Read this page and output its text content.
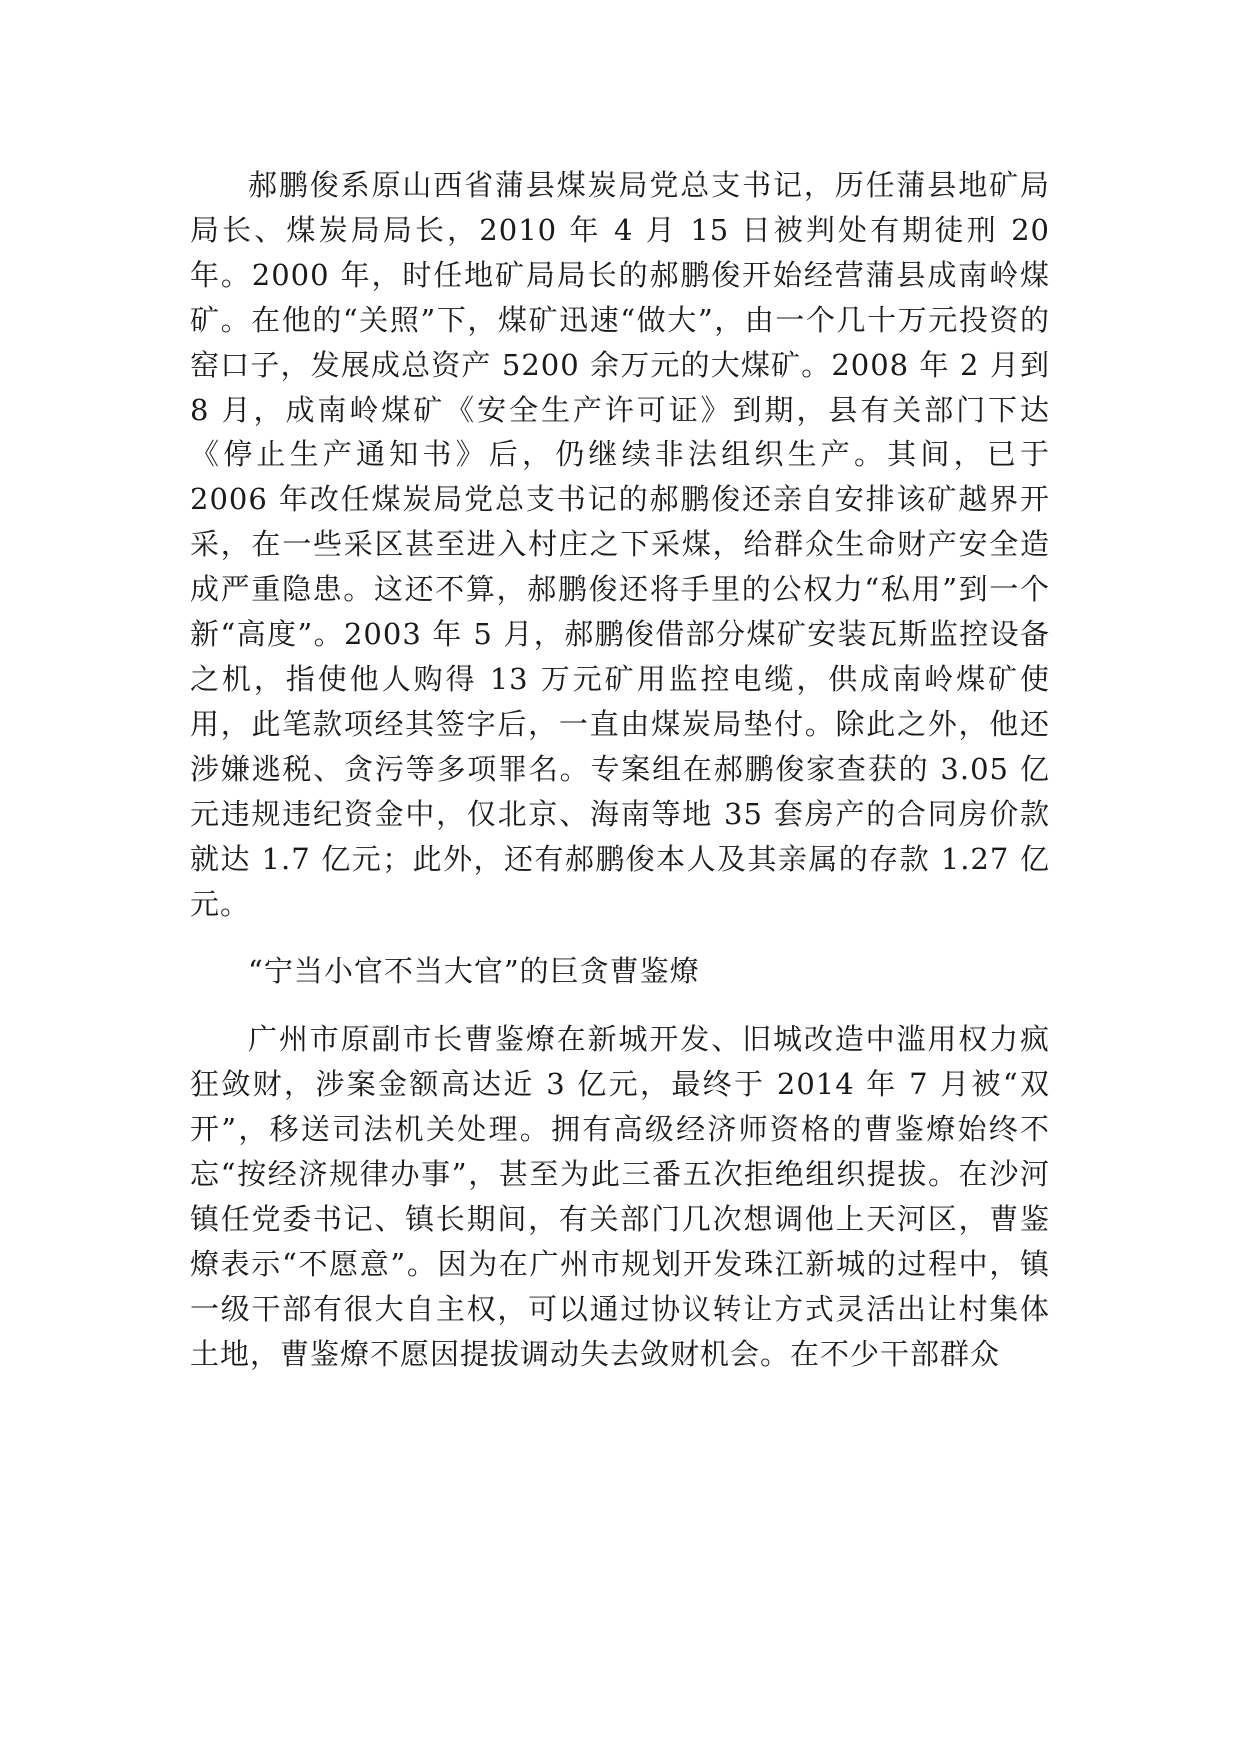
郝鹏俊系原山西省蒲县煤炭局党总支书记，历任蒲县地矿局局长、煤炭局局长，2010 年 4 月 15 日被判处有期徒刑 20 年。2000 年，时任地矿局局长的郝鹏俊开始经营蒲县成南岭煤矿。在他的“关照”下，煤矿迅速“做大”，由一个几十万元投资的窑口子，发展成总资产 5200 余万元的大煤矿。2008 年 2 月到 8 月，成南岭煤矿《安全生产许可证》到期，县有关部门下达《停止生产通知书》后，仍继续非法组织生产。其间，已于 2006 年改任煤炭局党总支书记的郝鹏俊还亲自安排该矿越界开采，在一些采区甚至进入村庄之下采煤，给群众生命财产安全造成严重隐患。这还不算，郝鹏俊还将手里的公权力“私用”到一个新“高度”。2003 年 5 月，郝鹏俊借部分煤矿安装瓦斯监控设备之机，指使他人购得 13 万元矿用监控电缆，供成南岭煤矿使用，此笔款项经其签字后，一直由煤炭局垫付。除此之外，他还涉嫌逃税、贪污等多项罪名。专案组在郝鹏俊家查获的 3.05 亿元违规违纪资金中，仅北京、海南等地 35 套房产的合同房价款就达 1.7 亿元；此外，还有郝鹏俊本人及其亲属的存款 1.27 亿元。

“宁当小官不当大官”的巨贪曹鉴燎

广州市原副市长曹鉴燎在新城开发、旧城改造中滥用权力疯狂敛财，涉案金额高达近 3 亿元，最终于 2014 年 7 月被“双开”，移送司法机关处理。拥有高级经济师资格的曹鉴燎始终不忘“按经济规律办事”，甚至为此三番五次拒绝组织提拔。在沙河镇任党委书记、镇长期间，有关部门几次想调他上天河区，曹鉴燎表示“不愿意”。因为在广州市规划开发珠江新城的过程中，镇一级干部有很大自主权，可以通过协议转让方式灵活出让村集体土地，曹鉴燎不愿因提拔调动失去敛财机会。在不少干部群众
